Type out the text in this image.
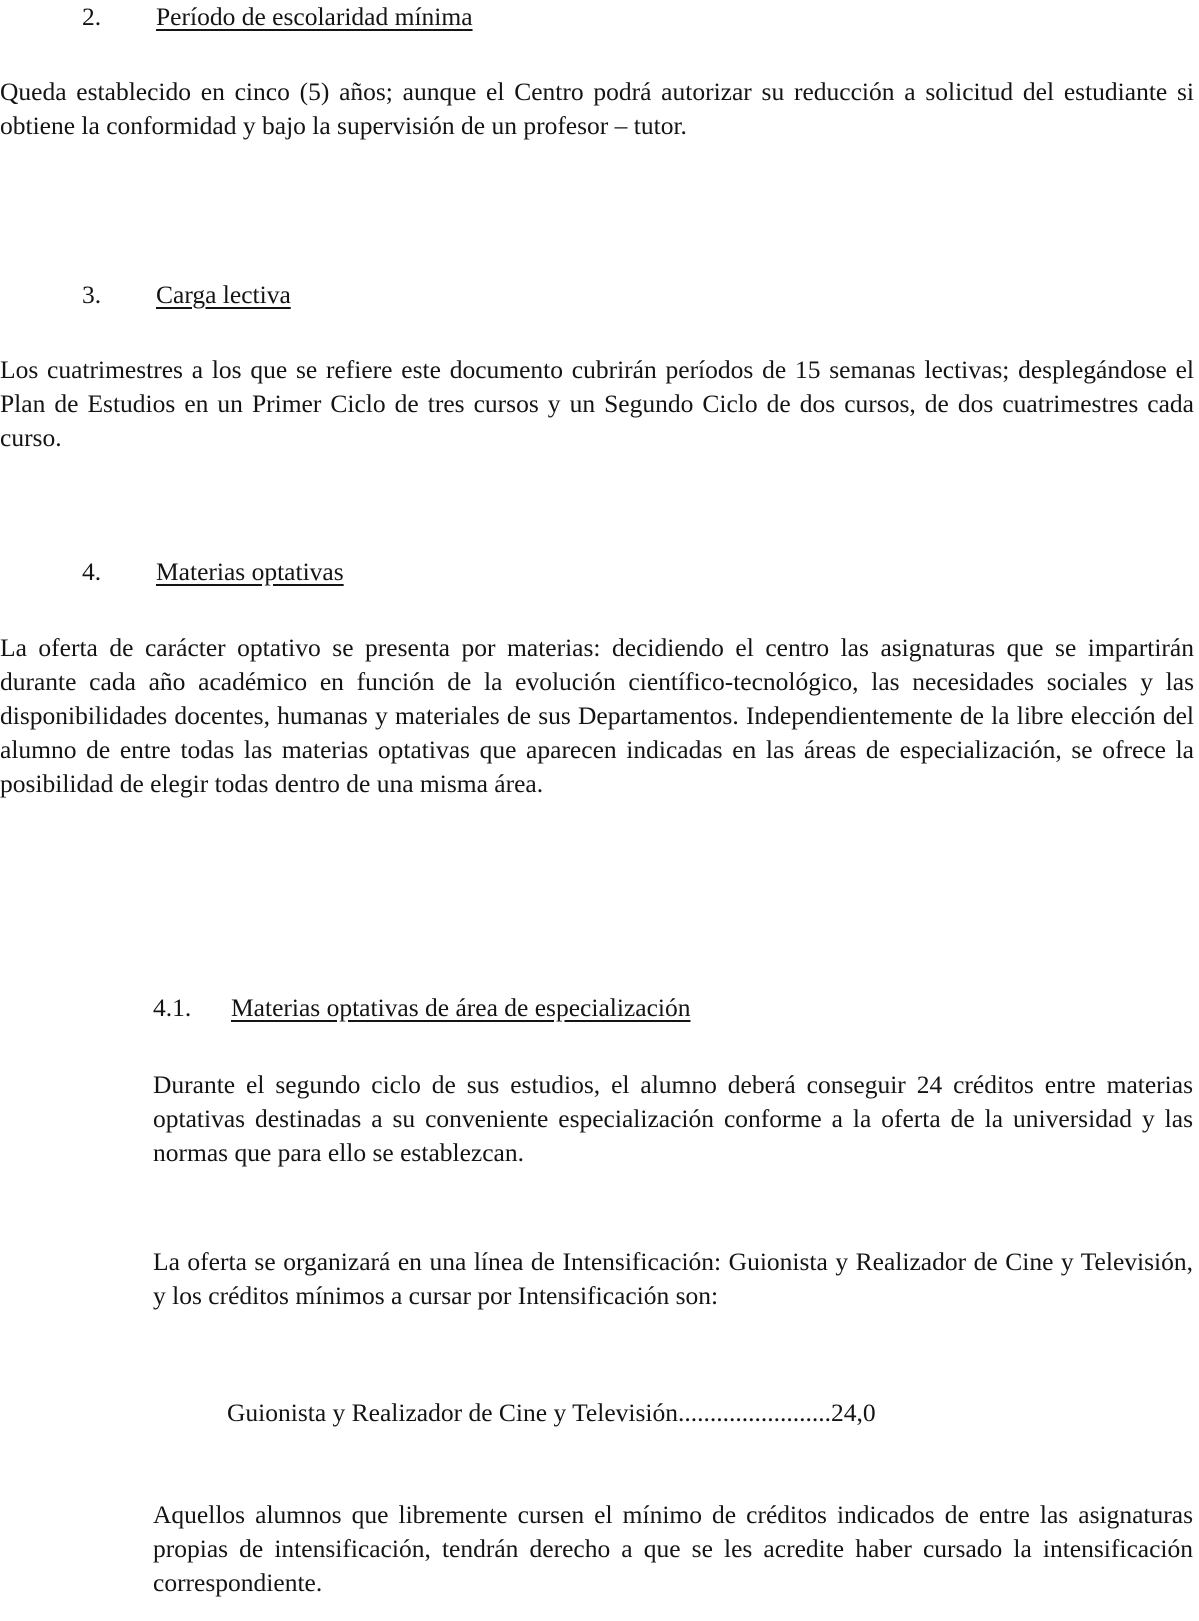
2. Período de escolaridad mínima
Queda establecido en cinco (5) años; aunque el Centro podrá autorizar su reducción a solicitud del estudiante si obtiene la conformidad y bajo la supervisión de un profesor – tutor.
3. Carga lectiva
Los cuatrimestres a los que se refiere este documento cubrirán períodos de 15 semanas lectivas; desplegándose el Plan de Estudios en un Primer Ciclo de tres cursos y un Segundo Ciclo de dos cursos, de dos cuatrimestres cada curso.
4. Materias optativas
La oferta de carácter optativo se presenta por materias: decidiendo el centro las asignaturas que se impartirán durante cada año académico en función de la evolución científico-tecnológico, las necesidades sociales y las disponibilidades docentes, humanas y materiales de sus Departamentos. Independientemente de la libre elección del alumno de entre todas las materias optativas que aparecen indicadas en las áreas de especialización, se ofrece la posibilidad de elegir todas dentro de una misma área.
4.1. Materias optativas de área de especialización
Durante el segundo ciclo de sus estudios, el alumno deberá conseguir 24 créditos entre materias optativas destinadas a su conveniente especialización conforme a la oferta de la universidad y las normas que para ello se establezcan.
La oferta se organizará en una línea de Intensificación: Guionista y Realizador de Cine y Televisión, y los créditos mínimos a cursar por Intensificación son:
Guionista y Realizador de Cine y Televisión........................24,0
Aquellos alumnos que libremente cursen el mínimo de créditos indicados de entre las asignaturas propias de intensificación, tendrán derecho a que se les acredite haber cursado la intensificación correspondiente.
